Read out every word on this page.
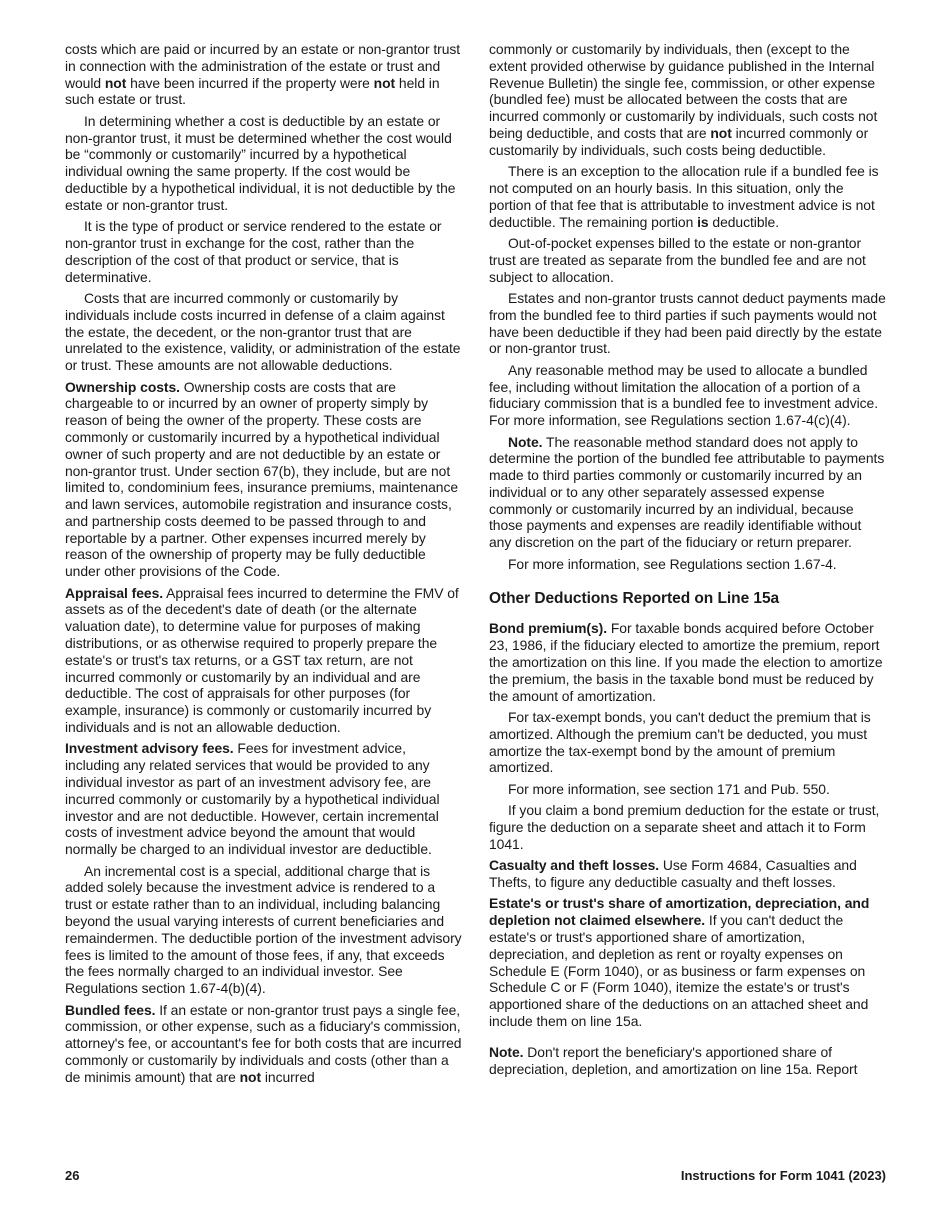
costs which are paid or incurred by an estate or non-grantor trust in connection with the administration of the estate or trust and would not have been incurred if the property were not held in such estate or trust.

In determining whether a cost is deductible by an estate or non-grantor trust, it must be determined whether the cost would be “commonly or customarily” incurred by a hypothetical individual owning the same property. If the cost would be deductible by a hypothetical individual, it is not deductible by the estate or non-grantor trust.

It is the type of product or service rendered to the estate or non-grantor trust in exchange for the cost, rather than the description of the cost of that product or service, that is determinative.

Costs that are incurred commonly or customarily by individuals include costs incurred in defense of a claim against the estate, the decedent, or the non-grantor trust that are unrelated to the existence, validity, or administration of the estate or trust. These amounts are not allowable deductions.

Ownership costs. Ownership costs are costs that are chargeable to or incurred by an owner of property simply by reason of being the owner of the property. These costs are commonly or customarily incurred by a hypothetical individual owner of such property and are not deductible by an estate or non-grantor trust. Under section 67(b), they include, but are not limited to, condominium fees, insurance premiums, maintenance and lawn services, automobile registration and insurance costs, and partnership costs deemed to be passed through to and reportable by a partner. Other expenses incurred merely by reason of the ownership of property may be fully deductible under other provisions of the Code.

Appraisal fees. Appraisal fees incurred to determine the FMV of assets as of the decedent's date of death (or the alternate valuation date), to determine value for purposes of making distributions, or as otherwise required to properly prepare the estate's or trust's tax returns, or a GST tax return, are not incurred commonly or customarily by an individual and are deductible. The cost of appraisals for other purposes (for example, insurance) is commonly or customarily incurred by individuals and is not an allowable deduction.

Investment advisory fees. Fees for investment advice, including any related services that would be provided to any individual investor as part of an investment advisory fee, are incurred commonly or customarily by a hypothetical individual investor and are not deductible. However, certain incremental costs of investment advice beyond the amount that would normally be charged to an individual investor are deductible.

An incremental cost is a special, additional charge that is added solely because the investment advice is rendered to a trust or estate rather than to an individual, including balancing beyond the usual varying interests of current beneficiaries and remaindermen. The deductible portion of the investment advisory fees is limited to the amount of those fees, if any, that exceeds the fees normally charged to an individual investor. See Regulations section 1.67-4(b)(4).

Bundled fees. If an estate or non-grantor trust pays a single fee, commission, or other expense, such as a fiduciary's commission, attorney's fee, or accountant's fee for both costs that are incurred commonly or customarily by individuals and costs (other than a de minimis amount) that are not incurred

commonly or customarily by individuals, then (except to the extent provided otherwise by guidance published in the Internal Revenue Bulletin) the single fee, commission, or other expense (bundled fee) must be allocated between the costs that are incurred commonly or customarily by individuals, such costs not being deductible, and costs that are not incurred commonly or customarily by individuals, such costs being deductible.

There is an exception to the allocation rule if a bundled fee is not computed on an hourly basis. In this situation, only the portion of that fee that is attributable to investment advice is not deductible. The remaining portion is deductible.

Out-of-pocket expenses billed to the estate or non-grantor trust are treated as separate from the bundled fee and are not subject to allocation.

Estates and non-grantor trusts cannot deduct payments made from the bundled fee to third parties if such payments would not have been deductible if they had been paid directly by the estate or non-grantor trust.

Any reasonable method may be used to allocate a bundled fee, including without limitation the allocation of a portion of a fiduciary commission that is a bundled fee to investment advice. For more information, see Regulations section 1.67-4(c)(4).

Note. The reasonable method standard does not apply to determine the portion of the bundled fee attributable to payments made to third parties commonly or customarily incurred by an individual or to any other separately assessed expense commonly or customarily incurred by an individual, because those payments and expenses are readily identifiable without any discretion on the part of the fiduciary or return preparer.

For more information, see Regulations section 1.67-4.

Other Deductions Reported on Line 15a

Bond premium(s). For taxable bonds acquired before October 23, 1986, if the fiduciary elected to amortize the premium, report the amortization on this line. If you made the election to amortize the premium, the basis in the taxable bond must be reduced by the amount of amortization.

For tax-exempt bonds, you can't deduct the premium that is amortized. Although the premium can't be deducted, you must amortize the tax-exempt bond by the amount of premium amortized.

For more information, see section 171 and Pub. 550.

If you claim a bond premium deduction for the estate or trust, figure the deduction on a separate sheet and attach it to Form 1041.

Casualty and theft losses. Use Form 4684, Casualties and Thefts, to figure any deductible casualty and theft losses.

Estate's or trust's share of amortization, depreciation, and depletion not claimed elsewhere. If you can't deduct the estate's or trust's apportioned share of amortization, depreciation, and depletion as rent or royalty expenses on Schedule E (Form 1040), or as business or farm expenses on Schedule C or F (Form 1040), itemize the estate's or trust's apportioned share of the deductions on an attached sheet and include them on line 15a.

Note. Don't report the beneficiary's apportioned share of depreciation, depletion, and amortization on line 15a. Report

26	Instructions for Form 1041 (2023)
